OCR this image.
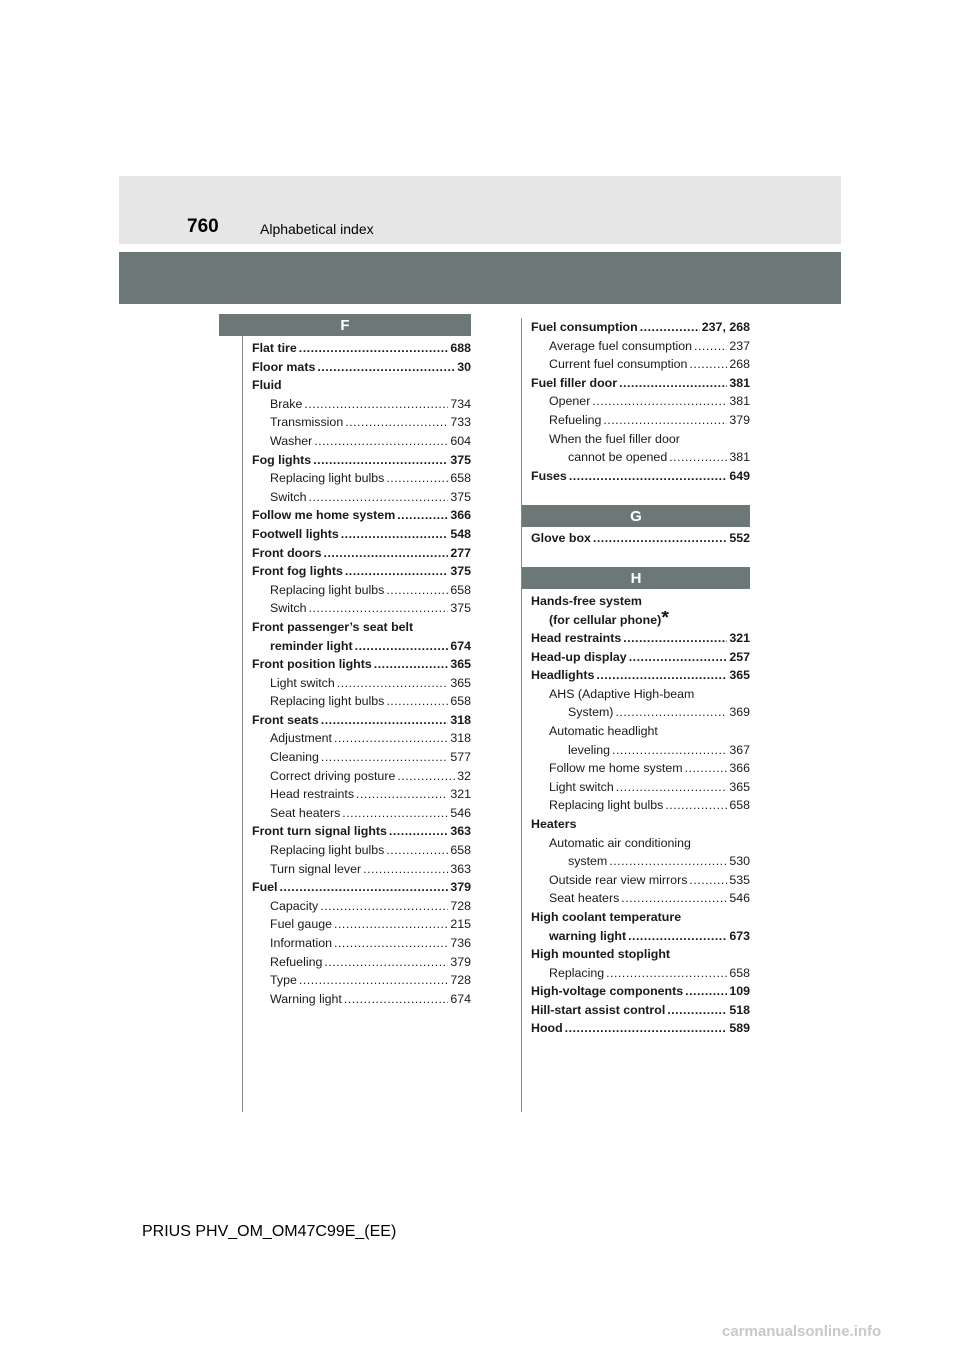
760	Alphabetical index
F
Flat tire .....	688
Floor mats .....	30
Fluid
Brake .....	734
Transmission .....	733
Washer .....	604
Fog lights .....	375
Replacing light bulbs .....	658
Switch .....	375
Follow me home system .....	366
Footwell lights .....	548
Front doors .....	277
Front fog lights .....	375
Replacing light bulbs .....	658
Switch .....	375
Front passenger’s seat belt
reminder light .....	674
Front position lights .....	365
Light switch .....	365
Replacing light bulbs .....	658
Front seats .....	318
Adjustment .....	318
Cleaning .....	577
Correct driving posture .....	32
Head restraints .....	321
Seat heaters .....	546
Front turn signal lights .....	363
Replacing light bulbs .....	658
Turn signal lever .....	363
Fuel .....	379
Capacity .....	728
Fuel gauge .....	215
Information .....	736
Refueling .....	379
Type .....	728
Warning light .....	674
Fuel consumption .....	237, 268
Average fuel consumption .....	237
Current fuel consumption .....	268
Fuel filler door .....	381
Opener .....	381
Refueling .....	379
When the fuel filler door
cannot be opened .....	381
Fuses .....	649
G
Glove box .....	552
H
Hands-free system
(for cellular phone)*
Head restraints .....	321
Head-up display .....	257
Headlights .....	365
AHS (Adaptive High-beam
System) .....	369
Automatic headlight
leveling .....	367
Follow me home system .....	366
Light switch .....	365
Replacing light bulbs .....	658
Heaters
Automatic air conditioning
system .....	530
Outside rear view mirrors .....	535
Seat heaters .....	546
High coolant temperature
warning light .....	673
High mounted stoplight
Replacing .....	658
High-voltage components .....	109
Hill-start assist control .....	518
Hood .....	589
PRIUS PHV_OM_OM47C99E_(EE)
carmanualsonline.info
